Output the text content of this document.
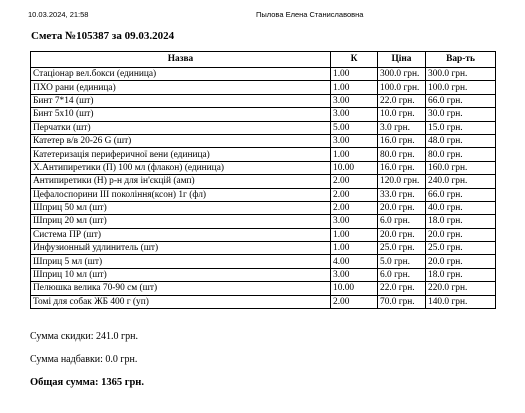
10.03.2024, 21:58	Пылова Елена Станиславовна
Смета №105387 за 09.03.2024
Назва	К	Ціна	Вар-ть
Стаціонар вел.бокси (единица)	1.00	300.0 грн.	300.0 грн.
ПХО рани (единица)	1.00	100.0 грн.	100.0 грн.
Бинт 7*14 (шт)	3.00	22.0 грн.	66.0 грн.
Бинт 5x10 (шт)	3.00	10.0 грн.	30.0 грн.
Перчатки (шт)	5.00	3.0 грн.	15.0 грн.
Катетер в/в 20-26 G (шт)	3.00	16.0 грн.	48.0 грн.
Катетеризація периферичної вени (единица)	1.00	80.0 грн.	80.0 грн.
Х.Антипиретики (П) 100 мл (флакон) (единица)	10.00	16.0 грн.	160.0 грн.
Антипиретики (Н) р-н для ін'єкцій (амп)	2.00	120.0 грн.	240.0 грн.
Цефалоспорини III покоління(ксон) 1г (фл)	2.00	33.0 грн.	66.0 грн.
Шприц 50 мл (шт)	2.00	20.0 грн.	40.0 грн.
Шприц 20 мл (шт)	3.00	6.0 грн.	18.0 грн.
Система ПР (шт)	1.00	20.0 грн.	20.0 грн.
Инфузионный удлинитель (шт)	1.00	25.0 грн.	25.0 грн.
Шприц 5 мл (шт)	4.00	5.0 грн.	20.0 грн.
Шприц 10 мл (шт)	3.00	6.0 грн.	18.0 грн.
Пелюшка велика 70-90 см (шт)	10.00	22.0 грн.	220.0 грн.
Томі для собак ЖБ 400 г (уп)	2.00	70.0 грн.	140.0 грн.
Сумма скидки: 241.0 грн.
Сумма надбавки: 0.0 грн.
Общая сумма: 1365 грн.
